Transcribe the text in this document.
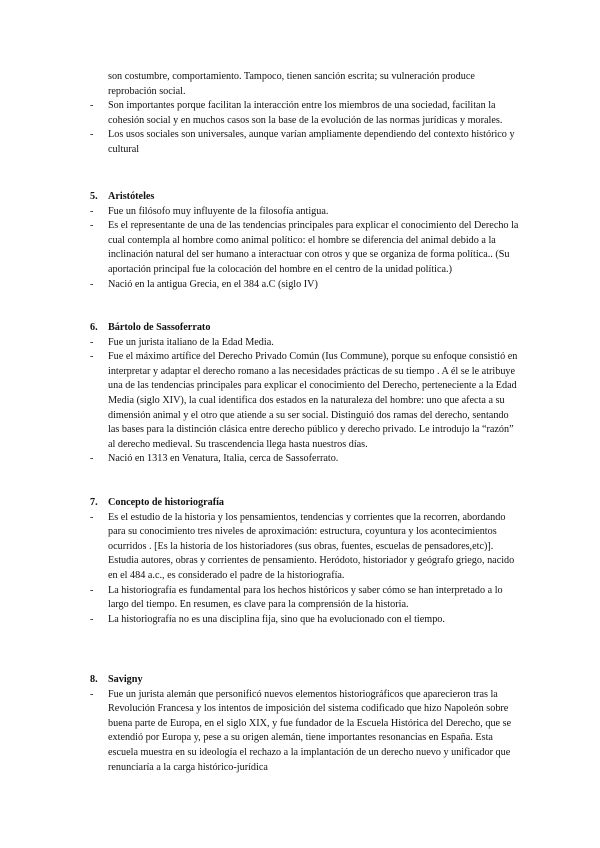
son costumbre, comportamiento. Tampoco, tienen sanción escrita; su vulneración produce reprobación social.

- Son importantes porque facilitan la interacción entre los miembros de una sociedad, facilitan la cohesión social y en muchos casos son la base de la evolución de las normas jurídicas y morales.

- Los usos sociales son universales, aunque varían ampliamente dependiendo del contexto histórico y cultural

5. Aristóteles

- Fue un filósofo muy influyente de la filosofía antigua.

- Es el representante de una de las tendencias principales para explicar el conocimiento del Derecho la cual contempla al hombre como animal político: el hombre se diferencia del animal debido a la inclinación natural del ser humano a interactuar con otros y que se organiza de forma política.. (Su aportación principal fue la colocación del hombre en el centro de la unidad política.)

- Nació en la antigua Grecia, en el 384 a.C (siglo IV)

6. Bártolo de Sassoferrato

- Fue un jurista italiano de la Edad Media.

- Fue el máximo artífice del Derecho Privado Común (Ius Commune), porque su enfoque consistió en interpretar y adaptar el derecho romano a las necesidades prácticas de su tiempo . A él se le atribuye una de las tendencias principales para explicar el conocimiento del Derecho, perteneciente a la Edad Media (siglo XIV), la cual identifica dos estados en la naturaleza del hombre: uno que afecta a su dimensión animal y el otro que atiende a su ser social. Distinguió dos ramas del derecho, sentando las bases para la distinción clásica entre derecho público y derecho privado. Le introdujo la “razón” al derecho medieval. Su trascendencia llega hasta nuestros días.

- Nació en 1313 en Venatura, Italia, cerca de Sassoferrato.

7. Concepto de historiografía

- Es el estudio de la historia y los pensamientos, tendencias y corrientes que la recorren, abordando para su conocimiento tres niveles de aproximación: estructura, coyuntura y los acontecimientos ocurridos . [Es la historia de los historiadores (sus obras, fuentes, escuelas de pensadores,etc)]. Estudia autores, obras y corrientes de pensamiento. Heródoto, historiador y geógrafo griego, nacido en el 484 a.c., es considerado el padre de la historiografía.

- La historiografía es fundamental para los hechos históricos y saber cómo se han interpretado a lo largo del tiempo. En resumen, es clave para la comprensión de la historia.

- La historiografía no es una disciplina fija, sino que ha evolucionado con el tiempo.

8. Savigny

- Fue un jurista alemán que personificó nuevos elementos historiográficos que aparecieron tras la Revolución Francesa y los intentos de imposición del sistema codificado que hizo Napoleón sobre buena parte de Europa, en el siglo XIX, y fue fundador de la Escuela Histórica del Derecho, que se extendió por Europa y, pese a su origen alemán, tiene importantes resonancias en España. Esta escuela muestra en su ideología el rechazo a la implantación de un derecho nuevo y unificador que renunciaría a la carga histórico-jurídica
